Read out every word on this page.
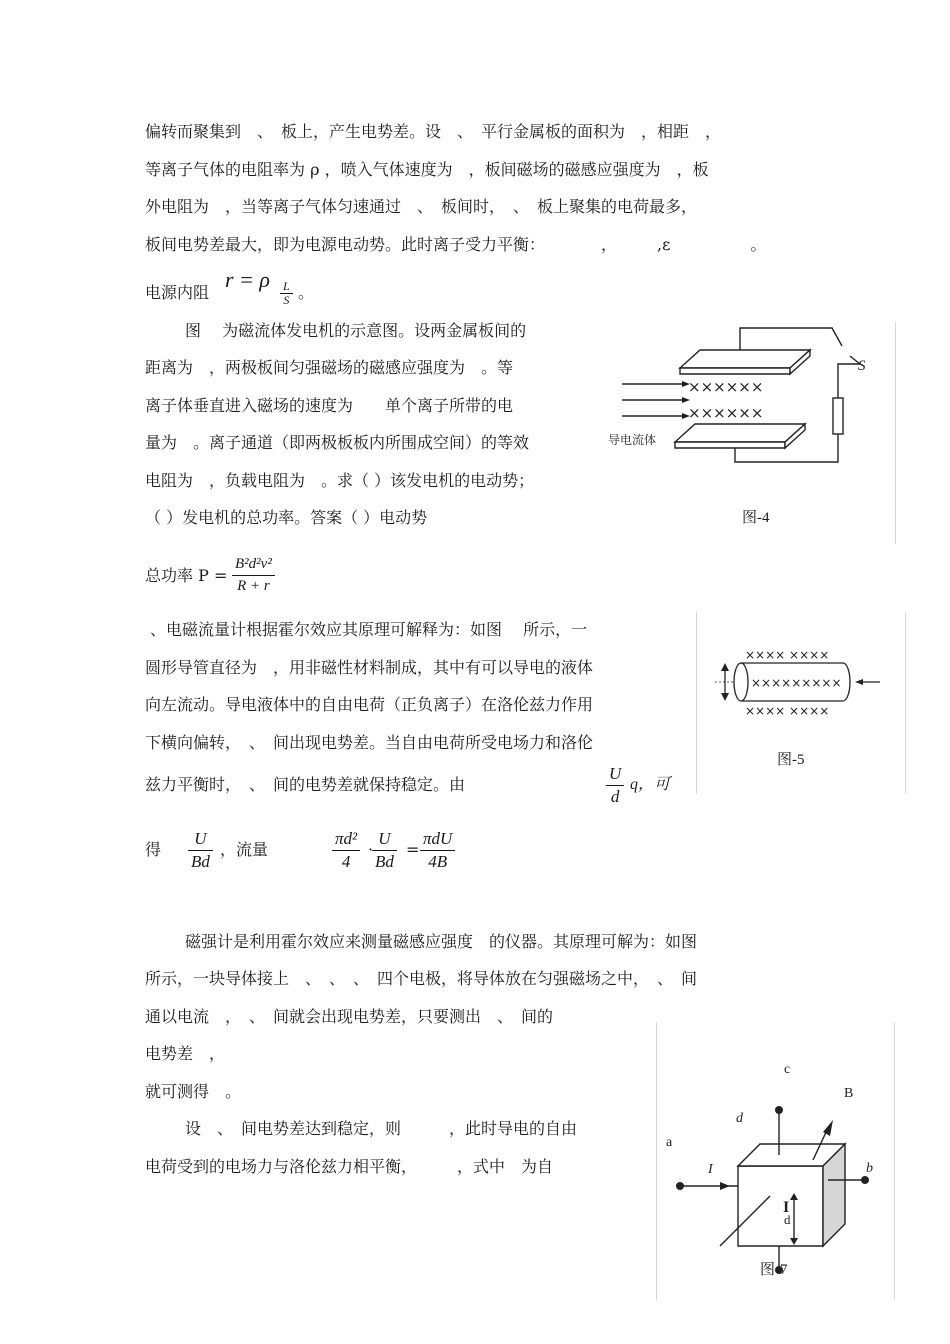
偏转而聚集到　、　板上，产生电势差。设　、　平行金属板的面积为　，相距　，
等离子气体的电阻率为 ρ ，喷入气体速度为　，板间磁场的磁感应强度为　，板
外电阻为　，当等离子气体匀速通过　、　板间时，　、　板上聚集的电荷最多，
板间电势差最大，即为电源电动势。此时离子受力平衡：　　　　，　　　,ε　　　　　。
电源内阻
r = ρ
$\frac{L}{S}$ 。
图　 为磁流体发电机的示意图。设两金属板间的
距离为　，两极板间匀强磁场的磁感应强度为　。等
离子体垂直进入磁场的速度为　　单个离子所带的电
量为　。离子通道（即两极板板内所围成空间）的等效
电阻为　，负载电阻为　。求（ ）该发电机的电动势；
（ ）发电机的总功率。答案（ ）电动势
总功率 $P = \frac{\text{B²d²v²}}{R + r}$
××××××
××××××
导电流体
S
图-4
、电磁流量计根据霍尔效应其原理可解释为：如图　 所示，一
圆形导管直径为　，用非磁性材料制成，其中有可以导电的液体
向左流动。导电液体中的自由电荷（正负离子）在洛伦兹力作用
下横向偏转，　、　间出现电势差。当自由电荷所受电场力和洛伦
兹力平衡时，　、　间的电势差就保持稳定。由	$\frac{U}{d}$ q，可
得 $\frac{U}{Bd}$ ，流量	$\frac{\text{πd²}}{4}$ ·
$\frac{U}{Bd}$ =
πdU
4B
×××× ××××
×××××××××
×××× ××××
图-5
磁强计是利用霍尔效应来测量磁感应强度　的仪器。其原理可解为：如图
所示，一块导体接上　、　、　、　四个电极，将导体放在匀强磁场之中，　、　间
通以电流　，　、　间就会出现电势差，只要测出　、　间的
电势差　，
就可测得　。
设　、　间电势差达到稳定，则　　　，此时导电的自由
电荷受到的电场力与洛伦兹力相平衡，　　　，式中　为自
c
B
d
a
I	b
I
d
图-7
